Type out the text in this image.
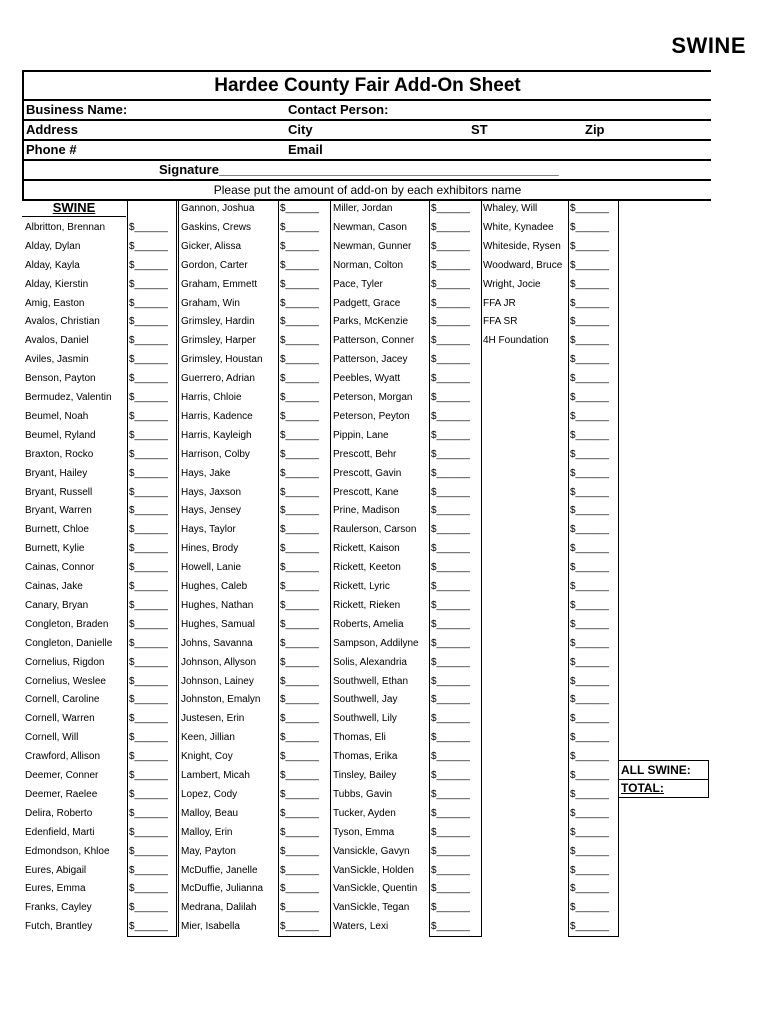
SWINE
Hardee County Fair Add-On Sheet
Business Name:	Contact Person:
Address	City	ST	Zip
Phone #	Email
Signature_______________________________________________
Please put the amount of add-on by each exhibitors name
SWINE
ALL SWINE:
TOTAL:
Albritton, Brennan	$______
Alday, Dylan	$______
Alday, Kayla	$______
Alday, Kierstin	$______
Amig, Easton	$______
Avalos, Christian	$______
Avalos, Daniel	$______
Aviles, Jasmin	$______
Benson, Payton	$______
Bermudez, Valentin	$______
Beumel, Noah	$______
Beumel, Ryland	$______
Braxton, Rocko	$______
Bryant, Hailey	$______
Bryant, Russell	$______
Bryant, Warren	$______
Burnett, Chloe	$______
Burnett, Kylie	$______
Cainas, Connor	$______
Cainas, Jake	$______
Canary, Bryan	$______
Congleton, Braden	$______
Congleton, Danielle	$______
Cornelius, Rigdon	$______
Cornelius, Weslee	$______
Cornell, Caroline	$______
Cornell, Warren	$______
Cornell, Will	$______
Crawford, Allison	$______
Deemer, Conner	$______
Deemer, Raelee	$______
Delira, Roberto	$______
Edenfield, Marti	$______
Edmondson, Khloe	$______
Eures, Abigail	$______
Eures, Emma	$______
Franks, Cayley	$______
Futch, Brantley	$______
Gannon, Joshua	$______
Gaskins, Crews	$______
Gicker, Alissa	$______
Gordon, Carter	$______
Graham, Emmett	$______
Graham, Win	$______
Grimsley, Hardin	$______
Grimsley, Harper	$______
Grimsley, Houstan	$______
Guerrero, Adrian	$______
Harris, Chloie	$______
Harris, Kadence	$______
Harris, Kayleigh	$______
Harrison, Colby	$______
Hays, Jake	$______
Hays, Jaxson	$______
Hays, Jensey	$______
Hays, Taylor	$______
Hines, Brody	$______
Howell, Lanie	$______
Hughes, Caleb	$______
Hughes, Nathan	$______
Hughes, Samual	$______
Johns, Savanna	$______
Johnson, Allyson	$______
Johnson, Lainey	$______
Johnston, Emalyn	$______
Justesen, Erin	$______
Keen, Jillian	$______
Knight, Coy	$______
Lambert, Micah	$______
Lopez, Cody	$______
Malloy, Beau	$______
Malloy, Erin	$______
May, Payton	$______
McDuffie, Janelle	$______
McDuffie, Julianna	$______
Medrana, Dalilah	$______
Mier, Isabella	$______
Miller, Jordan	$______
Newman, Cason	$______
Newman, Gunner	$______
Norman, Colton	$______
Pace, Tyler	$______
Padgett, Grace	$______
Parks, McKenzie	$______
Patterson, Conner	$______
Patterson, Jacey	$______
Peebles, Wyatt	$______
Peterson, Morgan	$______
Peterson, Peyton	$______
Pippin, Lane	$______
Prescott, Behr	$______
Prescott, Gavin	$______
Prescott, Kane	$______
Prine, Madison	$______
Raulerson, Carson	$______
Rickett, Kaison	$______
Rickett, Keeton	$______
Rickett, Lyric	$______
Rickett, Rieken	$______
Roberts, Amelia	$______
Sampson, Addilyne	$______
Solis, Alexandria	$______
Southwell, Ethan	$______
Southwell, Jay	$______
Southwell, Lily	$______
Thomas, Eli	$______
Thomas, Erika	$______
Tinsley, Bailey	$______
Tubbs, Gavin	$______
Tucker, Ayden	$______
Tyson, Emma	$______
Vansickle, Gavyn	$______
VanSickle, Holden	$______
VanSickle, Quentin	$______
VanSickle, Tegan	$______
Waters, Lexi	$______
Whaley, Will	$______
White, Kynadee	$______
Whiteside, Rysen $______
Woodward, Bruce $______
Wright, Jocie	$______
FFA JR	$______
FFA SR	$______
4H Foundation	$______
$______
$______
$______
$______
$______
$______
$______
$______
$______
$______
$______
$______
$______
$______
$______
$______
$______
$______
$______
$______
$______
$______
$______
$______
$______
$______
$______
$______
$______
$______
$______
